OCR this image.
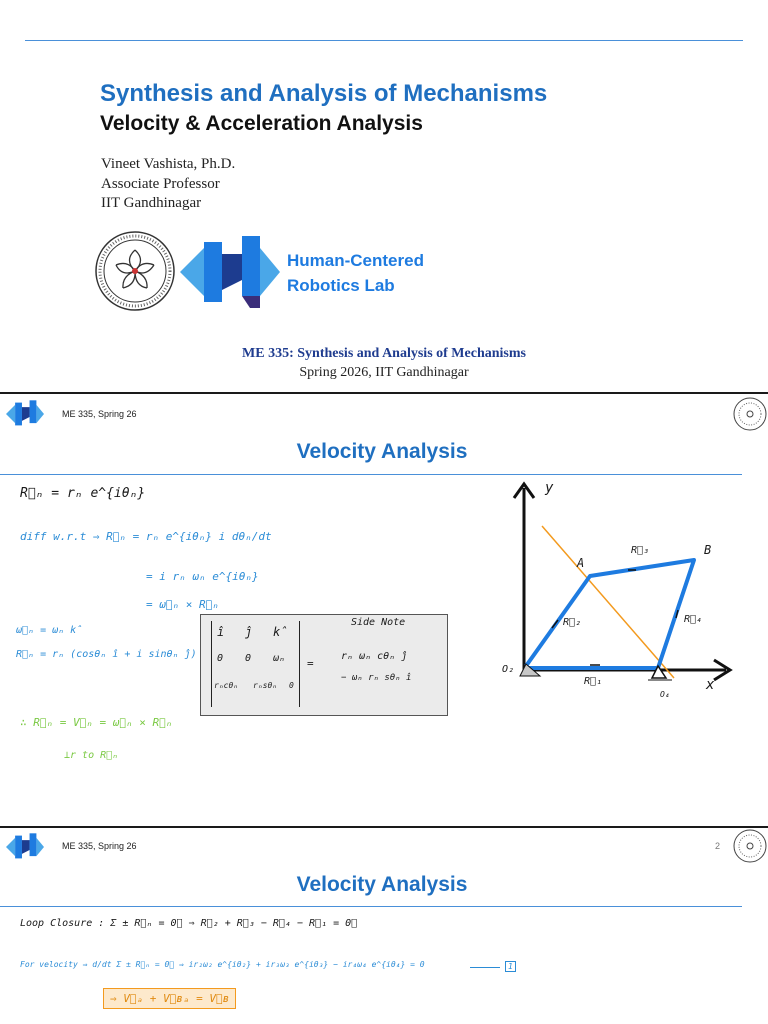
Synthesis and Analysis of Mechanisms
Velocity & Acceleration Analysis
Vineet Vashista, Ph.D.
Associate Professor
IIT Gandhinagar
Human-Centered
Robotics Lab
ME 335: Synthesis and Analysis of Mechanisms
Spring 2026, IIT Gandhinagar
ME 335, Spring 26
Velocity Analysis
R⃗ₙ = rₙ e^{iθₙ}
diff w.r.t ⇒ R⃗ₙ = rₙ e^{iθₙ} i dθₙ/dt
= i rₙ ωₙ e^{iθₙ}
= ω⃗ₙ × R⃗ₙ
ω⃗ₙ = ωₙ k̂
R⃗ₙ = rₙ (cosθₙ î + i sinθₙ ĵ)
∴ R⃗ₙ = V⃗ₙ = ω⃗ₙ × R⃗ₙ
⊥r to R⃗ₙ
î ĵ k̂
0 0 ωₙ
rₙcθₙ rₙsθₙ 0
=
Side Note
rₙ ωₙ cθₙ ĵ
− ωₙ rₙ sθₙ î
y
x
A
B
R⃗₂
R⃗₃
R⃗₄
R⃗₁
O₂
O₄
ME 335, Spring 26	2
Velocity Analysis
Loop Closure : Σ ± R⃗ₙ = 0⃗ ⇒ R⃗₂ + R⃗₃ − R⃗₄ − R⃗₁ = 0⃗
For velocity ⇒ d/dt Σ ± R⃗ₙ = 0⃗ ⇒ ir₂ω₂ e^{iθ₂} + ir₃ω₃ e^{iθ₃} − ir₄ω₄ e^{iθ₄} = 0	1
⇒ V⃗ₐ + V⃗ʙₐ = V⃗ʙ
